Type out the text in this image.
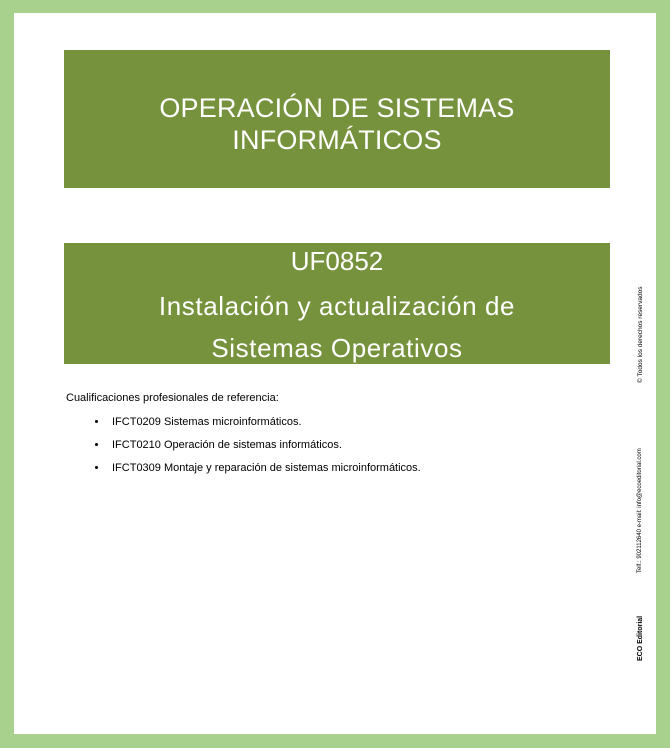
OPERACIÓN DE SISTEMAS INFORMÁTICOS
UF0852
Instalación y actualización de Sistemas Operativos

Cualificaciones profesionales de referencia:

• IFCT0209 Sistemas microinformáticos.
• IFCT0210 Operación de sistemas informáticos.
• IFCT0309 Montaje y reparación de sistemas microinformáticos.
© Todos los derechos reservados
Telf.: 902112640 e-mail: info@ecoeditorial.com
ECO Editorial
